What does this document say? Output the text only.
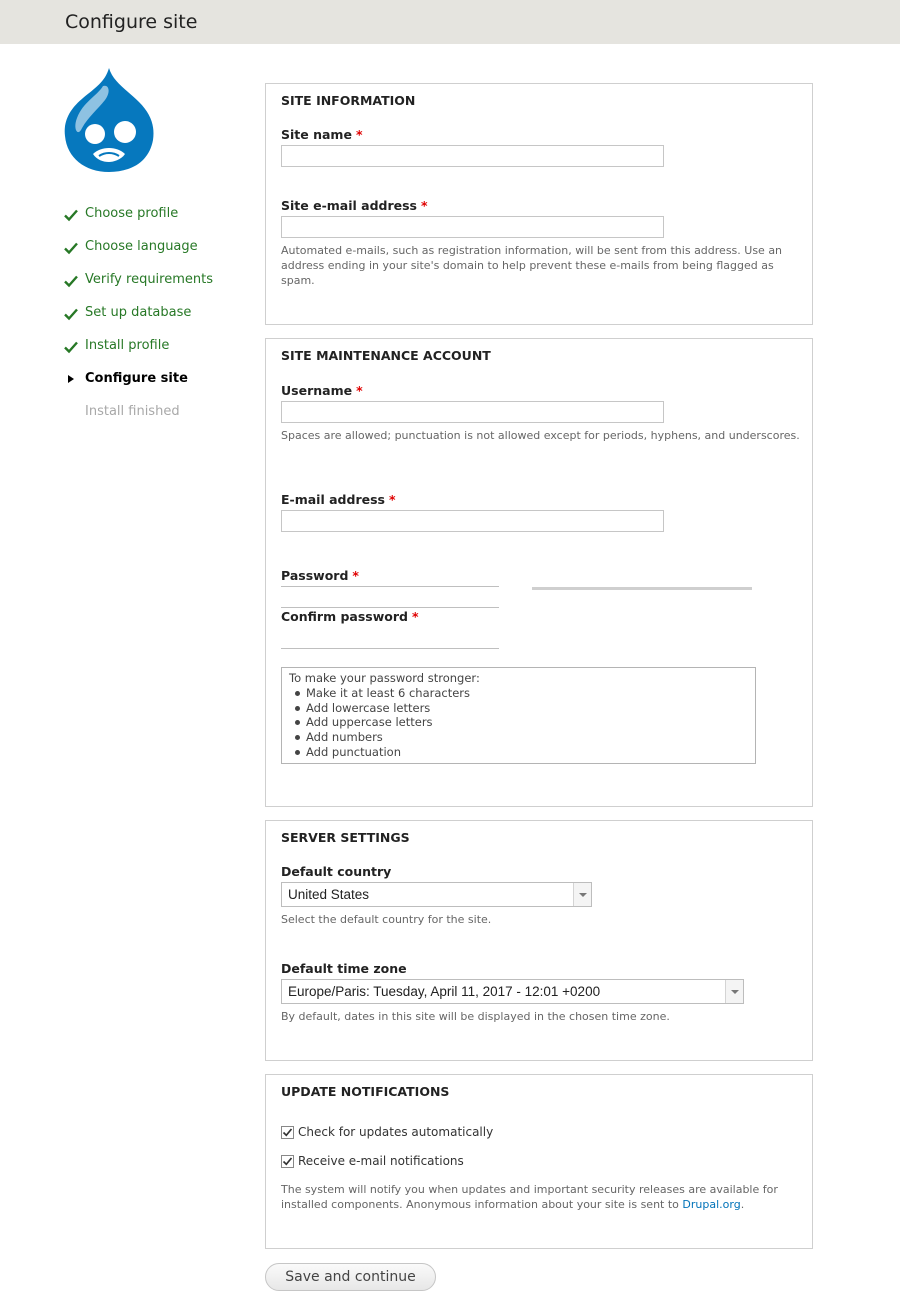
Configure site
Choose profile
Choose language
Verify requirements
Set up database
Install profile
Configure site
Install finished
SITE INFORMATION
Site name *
Site e-mail address *

Automated e-mails, such as registration information, will be sent from this address. Use an address ending in your site's domain to help prevent these e-mails from being flagged as spam.

SITE MAINTENANCE ACCOUNT
Username *

Spaces are allowed; punctuation is not allowed except for periods, hyphens, and underscores.

E-mail address *
Password *
Confirm password *
To make your password stronger:
Make it at least 6 characters
Add lowercase letters
Add uppercase letters
Add numbers
Add punctuation
SERVER SETTINGS
Default country
United States

Select the default country for the site.

Default time zone
Europe/Paris: Tuesday, April 11, 2017 - 12:01 +0200

By default, dates in this site will be displayed in the chosen time zone.

UPDATE NOTIFICATIONS
Check for updates automatically
Receive e-mail notifications

The system will notify you when updates and important security releases are available for installed components. Anonymous information about your site is sent to Drupal.org.

Save and continue
